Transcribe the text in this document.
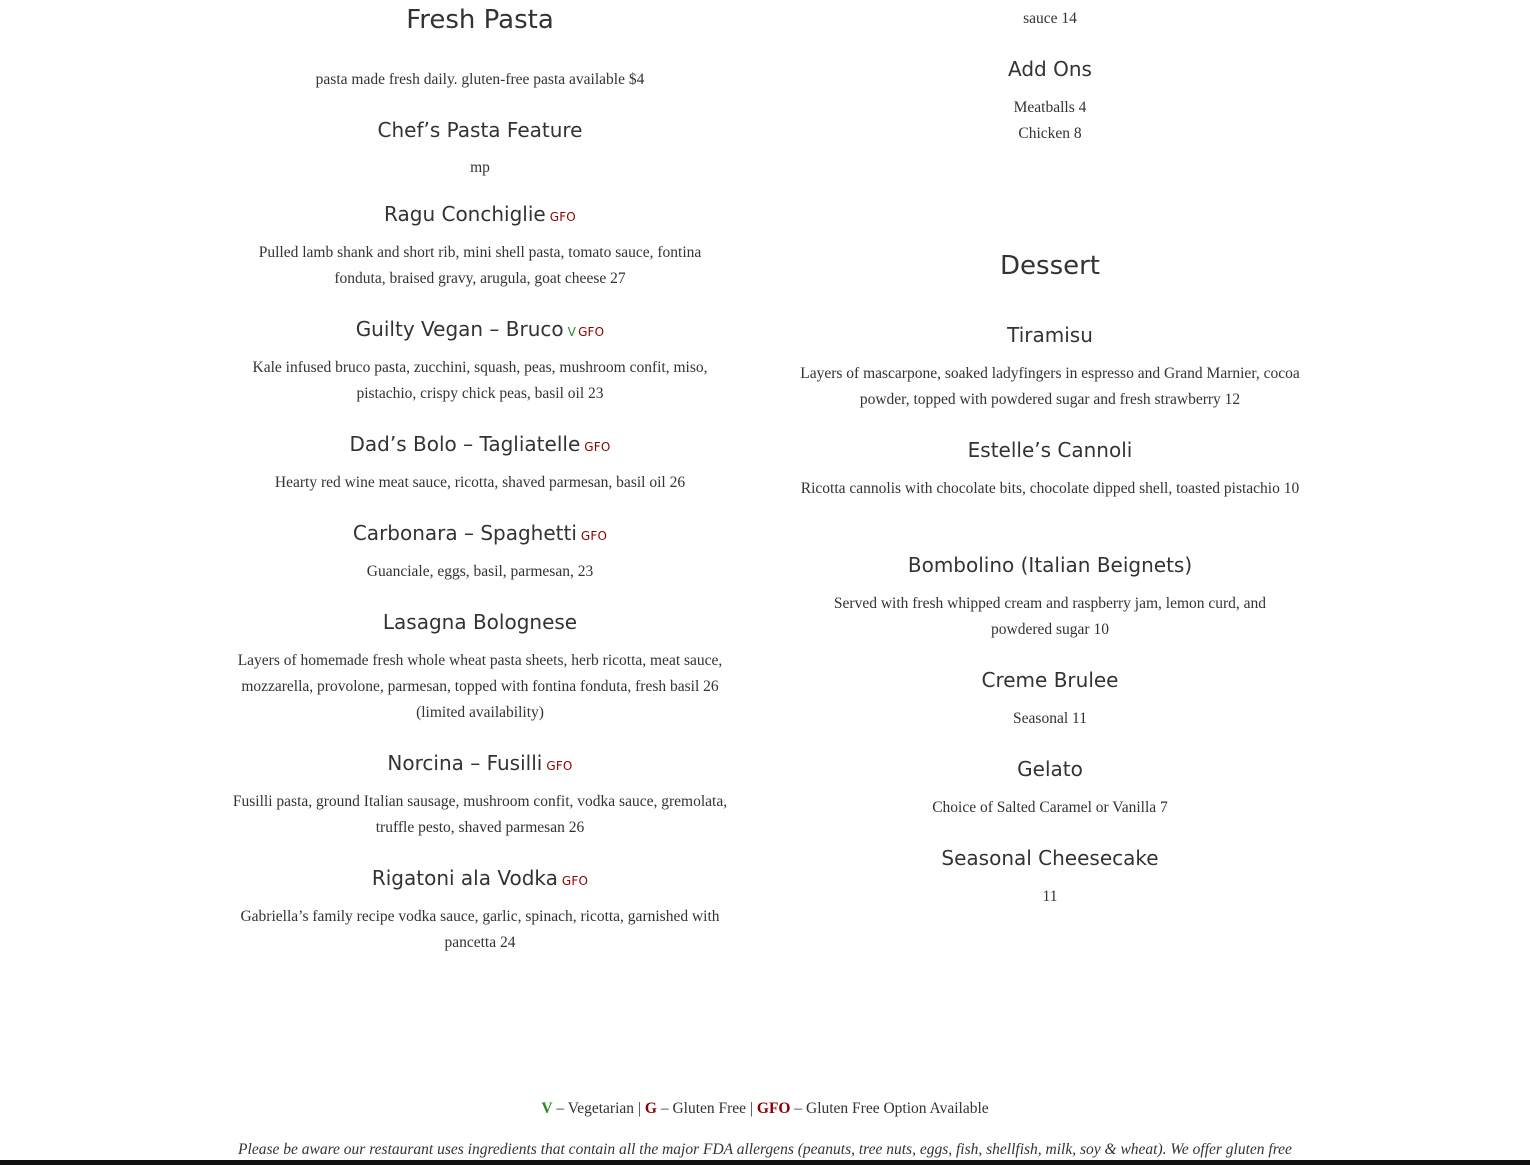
Fresh Pasta

pasta made fresh daily. gluten-free pasta available $4

Chef’s Pasta Feature

mp

Ragu Conchiglie GFO

Pulled lamb shank and short rib, mini shell pasta, tomato sauce, fontina fonduta, braised gravy, arugula, goat cheese 27

Guilty Vegan – Bruco V GFO

Kale infused bruco pasta, zucchini, squash, peas, mushroom confit, miso, pistachio, crispy chick peas, basil oil 23

Dad’s Bolo – Tagliatelle GFO

Hearty red wine meat sauce, ricotta, shaved parmesan, basil oil 26

Carbonara – Spaghetti GFO

Guanciale, eggs, basil, parmesan, 23

Lasagna Bolognese

Layers of homemade fresh whole wheat pasta sheets, herb ricotta, meat sauce, mozzarella, provolone, parmesan, topped with fontina fonduta, fresh basil 26 (limited availability)

Norcina – Fusilli GFO

Fusilli pasta, ground Italian sausage, mushroom confit, vodka sauce, gremolata, truffle pesto, shaved parmesan 26

Rigatoni ala Vodka GFO

Gabriella’s family recipe vodka sauce, garlic, spinach, ricotta, garnished with pancetta 24

sauce 14

Add Ons

Meatballs 4

Chicken 8

Dessert
Tiramisu

Layers of mascarpone, soaked ladyfingers in espresso and Grand Marnier, cocoa powder, topped with powdered sugar and fresh strawberry 12

Estelle’s Cannoli

Ricotta cannolis with chocolate bits, chocolate dipped shell, toasted pistachio 10

Bombolino (Italian Beignets)

Served with fresh whipped cream and raspberry jam, lemon curd, and powdered sugar 10

Creme Brulee

Seasonal 11

Gelato

Choice of Salted Caramel or Vanilla 7

Seasonal Cheesecake

11

V – Vegetarian | G – Gluten Free | GFO – Gluten Free Option Available
Please be aware our restaurant uses ingredients that contain all the major FDA allergens (peanuts, tree nuts, eggs, fish, shellfish, milk, soy & wheat). We offer gluten free
